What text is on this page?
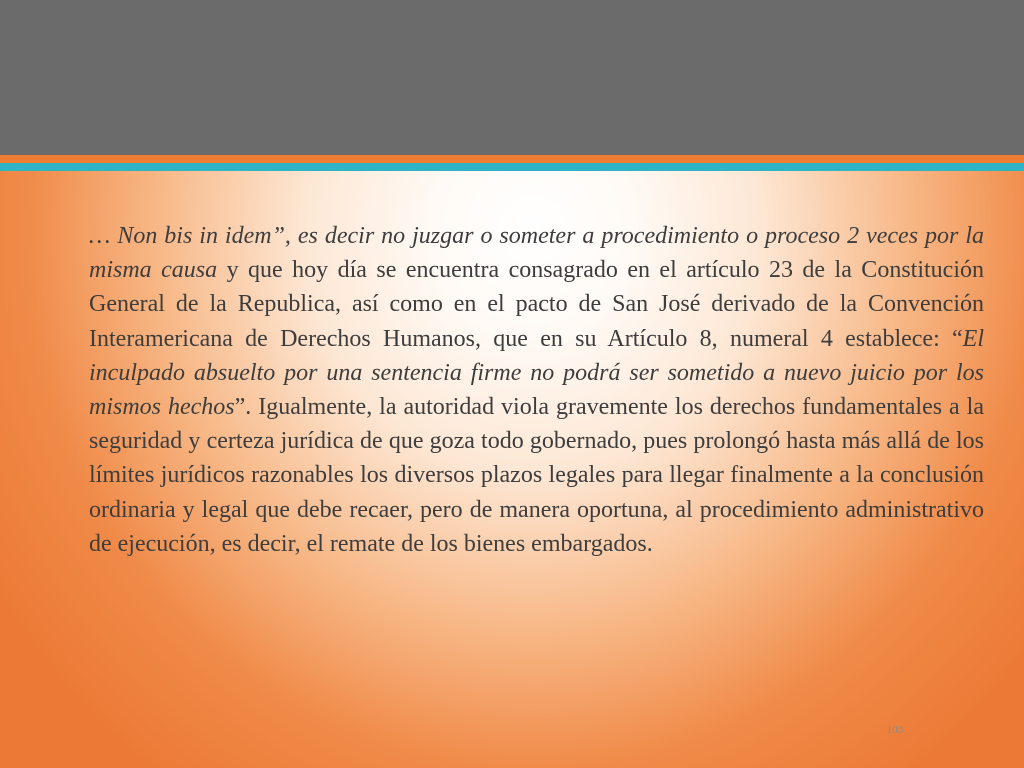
… Non bis in idem”, es decir no juzgar o someter a procedimiento o proceso 2 veces por la misma causa y que hoy día se encuentra consagrado en el artículo 23 de la Constitución General de la Republica, así como en el pacto de San José derivado de la Convención Interamericana de Derechos Humanos, que en su Artículo 8, numeral 4 establece: “El inculpado absuelto por una sentencia firme no podrá ser sometido a nuevo juicio por los mismos hechos”. Igualmente, la autoridad viola gravemente los derechos fundamentales a la seguridad y certeza jurídica de que goza todo gobernado, pues prolongó hasta más allá de los límites jurídicos razonables los diversos plazos legales para llegar finalmente a la conclusión ordinaria y legal que debe recaer, pero de manera oportuna, al procedimiento administrativo de ejecución, es decir, el remate de los bienes embargados.

103
